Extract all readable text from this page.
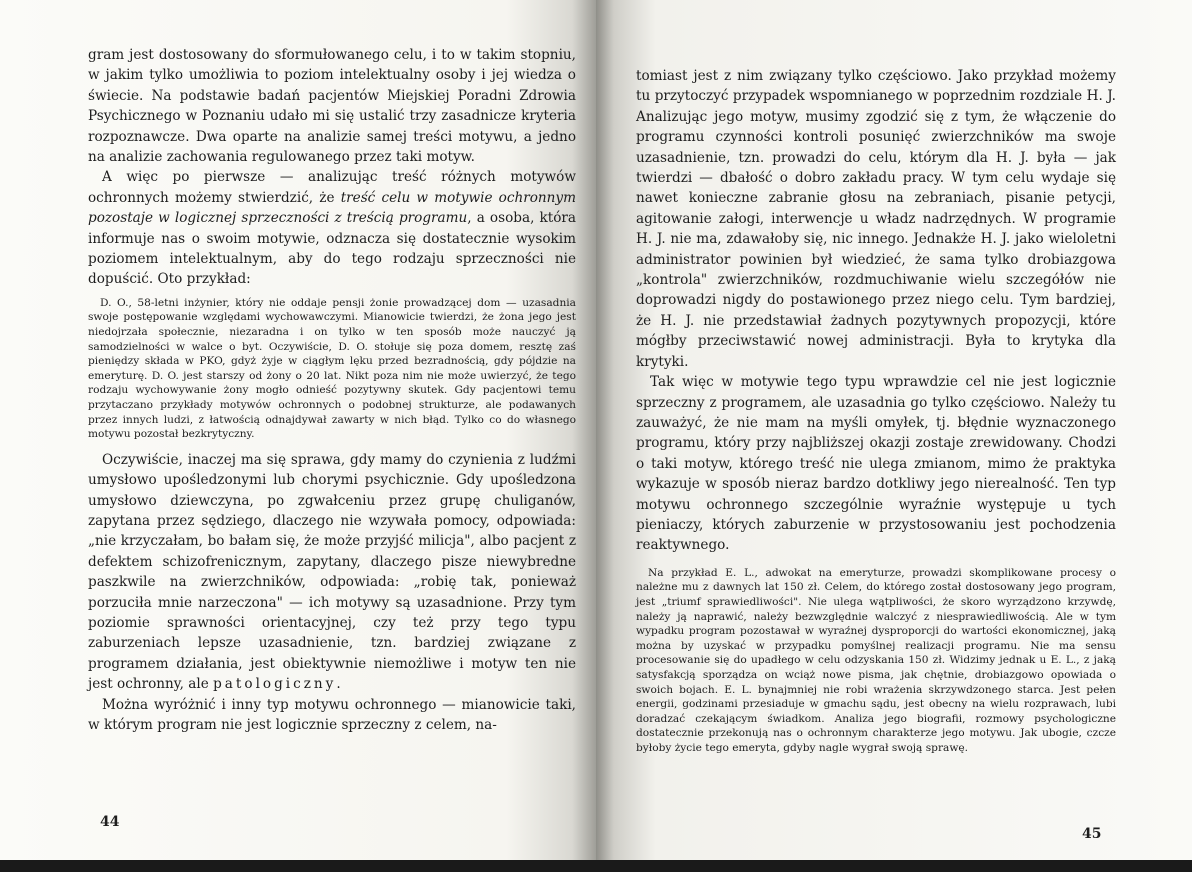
gram jest dostosowany do sformułowanego celu, i to w takim stopniu, w jakim tylko umożliwia to poziom intelektualny osoby i jej wiedza o świecie. Na podstawie badań pacjentów Miejskiej Poradni Zdrowia Psychicznego w Poznaniu udało mi się ustalić trzy zasadnicze kryteria rozpoznawcze. Dwa oparte na analizie samej treści motywu, a jedno na analizie zachowania regulowanego przez taki motyw.

A więc po pierwsze — analizując treść różnych motywów ochronnych możemy stwierdzić, że treść celu w motywie ochronnym pozostaje w logicznej sprzeczności z treścią programu, a osoba, która informuje nas o swoim motywie, odznacza się dostatecznie wysokim poziomem intelektualnym, aby do tego rodzaju sprzeczności nie dopuścić. Oto przykład:

D. O., 58-letni inżynier, który nie oddaje pensji żonie prowadzącej dom — uzasadnia swoje postępowanie względami wychowawczymi. Mianowicie twierdzi, że żona jego jest niedojrzała społecznie, niezaradna i on tylko w ten sposób może nauczyć ją samodzielności w walce o byt. Oczywiście, D. O. stołuje się poza domem, resztę zaś pieniędzy składa w PKO, gdyż żyje w ciągłym lęku przed bezradnością, gdy pójdzie na emeryturę. D. O. jest starszy od żony o 20 lat. Nikt poza nim nie może uwierzyć, że tego rodzaju wychowywanie żony mogło odnieść pozytywny skutek. Gdy pacjentowi temu przytaczano przykłady motywów ochronnych o podobnej strukturze, ale podawanych przez innych ludzi, z łatwością odnajdywał zawarty w nich błąd. Tylko co do własnego motywu pozostał bezkrytyczny.

Oczywiście, inaczej ma się sprawa, gdy mamy do czynienia z ludźmi umysłowo upośledzonymi lub chorymi psychicznie. Gdy upośledzona umysłowo dziewczyna, po zgwałceniu przez grupę chuliganów, zapytana przez sędziego, dlaczego nie wzywała pomocy, odpowiada: „nie krzyczałam, bo bałam się, że może przyjść milicja", albo pacjent z defektem schizofrenicznym, zapytany, dlaczego pisze niewybredne paszkwile na zwierzchników, odpowiada: „robię tak, ponieważ porzuciła mnie narzeczona" — ich motywy są uzasadnione. Przy tym poziomie sprawności orientacyjnej, czy też przy tego typu zaburzeniach lepsze uzasadnienie, tzn. bardziej związane z programem działania, jest obiektywnie niemożliwe i motyw ten nie jest ochronny, ale patologiczny.

Można wyróżnić i inny typ motywu ochronnego — mianowicie taki, w którym program nie jest logicznie sprzeczny z celem, na-

44

tomiast jest z nim związany tylko częściowo. Jako przykład możemy tu przytoczyć przypadek wspomnianego w poprzednim rozdziale H. J. Analizując jego motyw, musimy zgodzić się z tym, że włączenie do programu czynności kontroli posunięć zwierzchników ma swoje uzasadnienie, tzn. prowadzi do celu, którym dla H. J. była — jak twierdzi — dbałość o dobro zakładu pracy. W tym celu wydaje się nawet konieczne zabranie głosu na zebraniach, pisanie petycji, agitowanie załogi, interwencje u władz nadrzędnych. W programie H. J. nie ma, zdawałoby się, nic innego. Jednakże H. J. jako wieloletni administrator powinien był wiedzieć, że sama tylko drobiazgowa „kontrola" zwierzchników, rozdmuchiwanie wielu szczegółów nie doprowadzi nigdy do postawionego przez niego celu. Tym bardziej, że H. J. nie przedstawiał żadnych pozytywnych propozycji, które mógłby przeciwstawić nowej administracji. Była to krytyka dla krytyki.

Tak więc w motywie tego typu wprawdzie cel nie jest logicznie sprzeczny z programem, ale uzasadnia go tylko częściowo. Należy tu zauważyć, że nie mam na myśli omyłek, tj. błędnie wyznaczonego programu, który przy najbliższej okazji zostaje zrewidowany. Chodzi o taki motyw, którego treść nie ulega zmianom, mimo że praktyka wykazuje w sposób nieraz bardzo dotkliwy jego nierealność. Ten typ motywu ochronnego szczególnie wyraźnie występuje u tych pieniaczy, których zaburzenie w przystosowaniu jest pochodzenia reaktywnego.

Na przykład E. L., adwokat na emeryturze, prowadzi skomplikowane procesy o należne mu z dawnych lat 150 zł. Celem, do którego został dostosowany jego program, jest „triumf sprawiedliwości". Nie ulega wątpliwości, że skoro wyrządzono krzywdę, należy ją naprawić, należy bezwzględnie walczyć z niesprawiedliwością. Ale w tym wypadku program pozostawał w wyraźnej dysproporcji do wartości ekonomicznej, jaką można by uzyskać w przypadku pomyślnej realizacji programu. Nie ma sensu procesowanie się do upadłego w celu odzyskania 150 zł. Widzimy jednak u E. L., z jaką satysfakcją sporządza on wciąż nowe pisma, jak chętnie, drobiazgowo opowiada o swoich bojach. E. L. bynajmniej nie robi wrażenia skrzywdzonego starca. Jest pełen energii, godzinami przesiaduje w gmachu sądu, jest obecny na wielu rozprawach, lubi doradzać czekającym świadkom. Analiza jego biografii, rozmowy psychologiczne dostatecznie przekonują nas o ochronnym charakterze jego motywu. Jak ubogie, czcze byłoby życie tego emeryta, gdyby nagle wygrał swoją sprawę.

45
